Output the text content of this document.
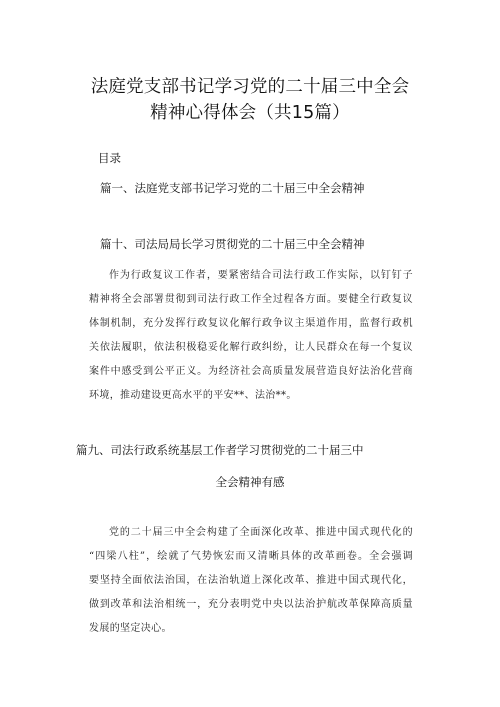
法庭党支部书记学习党的二十届三中全会
精神心得体会（共15篇）
目录
篇一、法庭党支部书记学习党的二十届三中全会精神
篇十、司法局局长学习贯彻党的二十届三中全会精神
作为行政复议工作者，要紧密结合司法行政工作实际，以钉钉子
精神将全会部署贯彻到司法行政工作全过程各方面。要健全行政复议
体制机制，充分发挥行政复议化解行政争议主渠道作用，监督行政机
关依法履职，依法积极稳妥化解行政纠纷，让人民群众在每一个复议
案件中感受到公平正义。为经济社会高质量发展营造良好法治化营商
环境，推动建设更高水平的平安**、法治**。
篇九、司法行政系统基层工作者学习贯彻党的二十届三中
全会精神有感
党的二十届三中全会构建了全面深化改革、推进中国式现代化的
“四梁八柱”，绘就了气势恢宏而又清晰具体的改革画卷。全会强调
要坚持全面依法治国，在法治轨道上深化改革、推进中国式现代化，
做到改革和法治相统一，充分表明党中央以法治护航改革保障高质量
发展的坚定决心。
